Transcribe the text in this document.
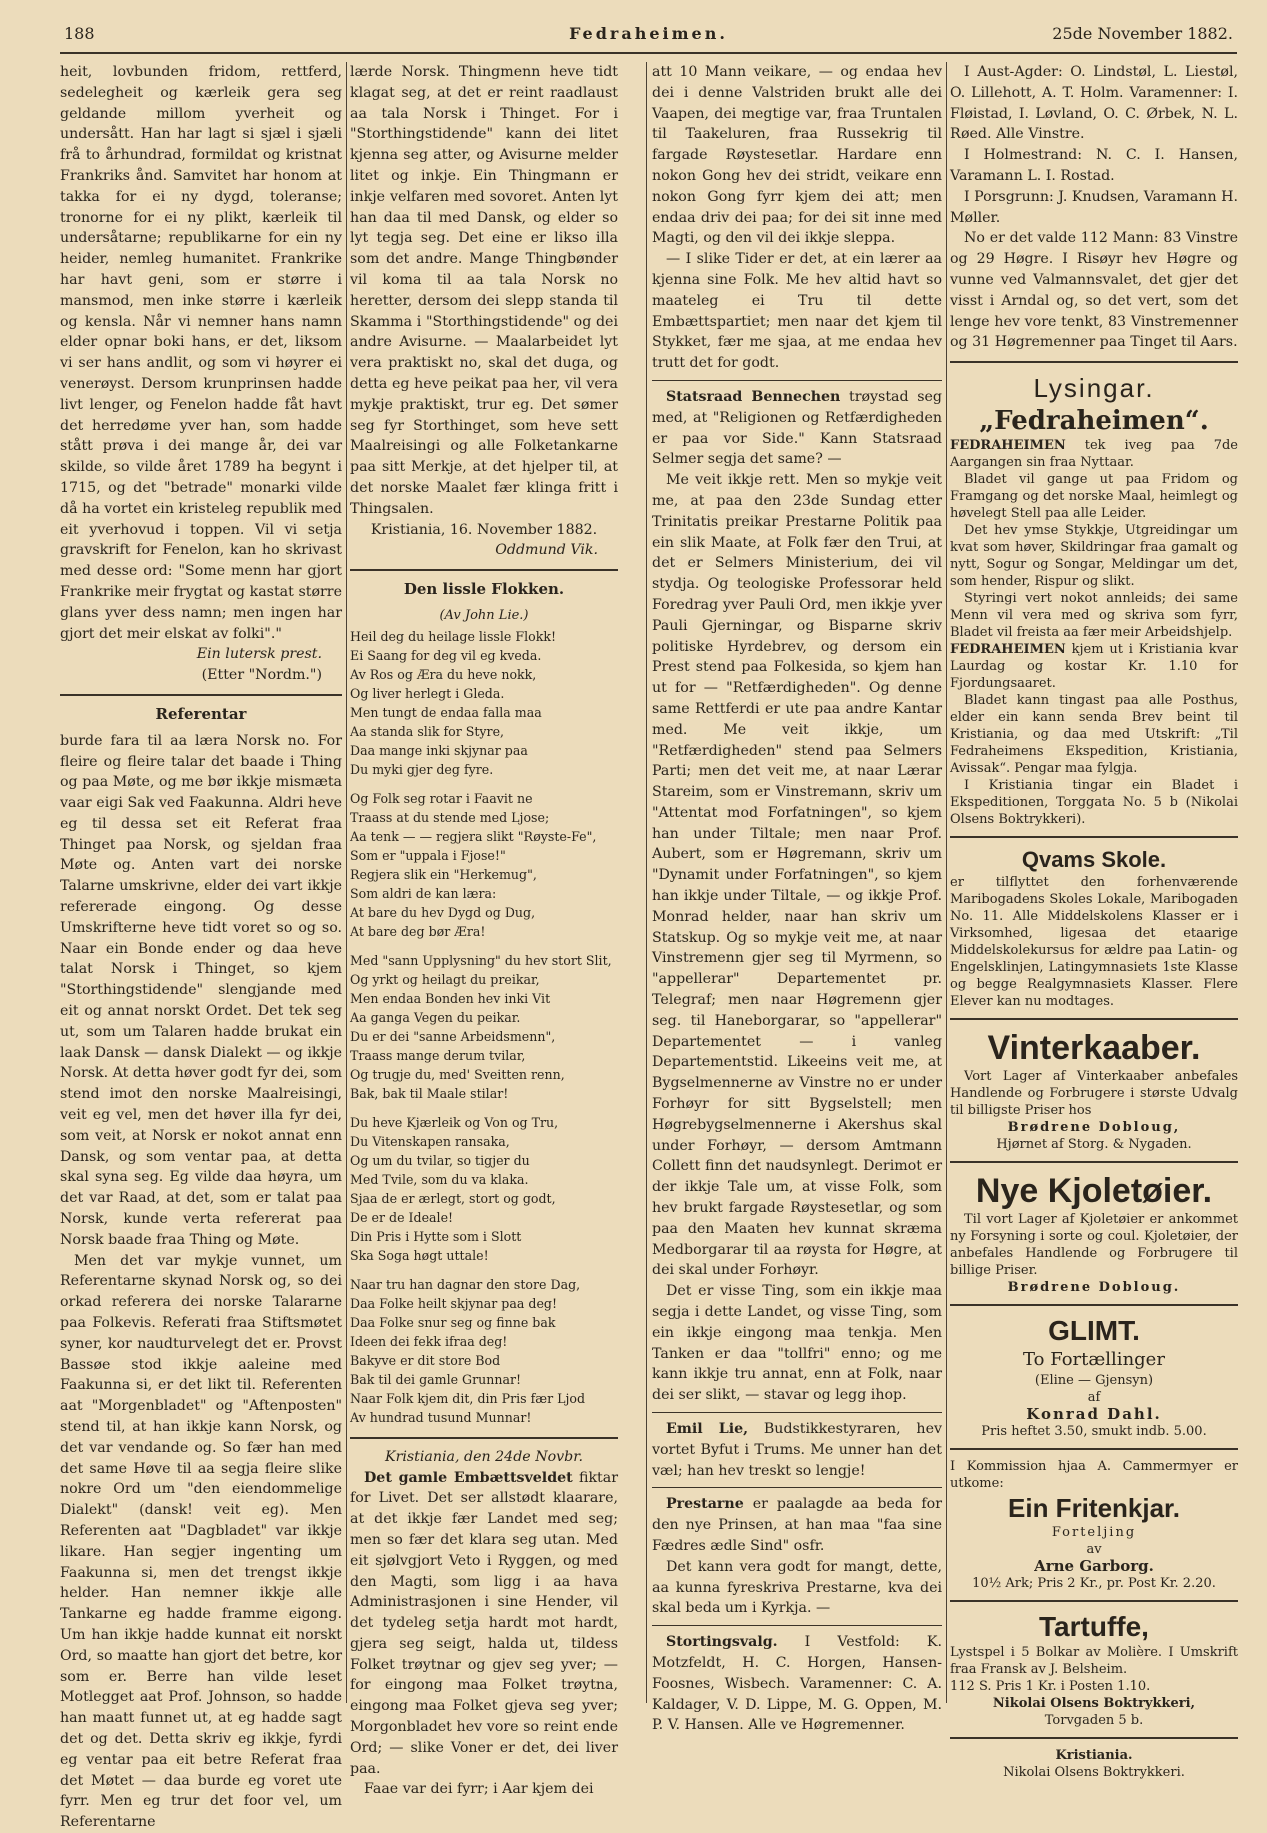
188	Fedraheimen.	25de November 1882.

heit, lovbunden fridom, rettferd, sedelegheit og kærleik gera seg geldande millom yverheit og undersått. Han har lagt si sjæl i sjæli frå to århundrad, formildat og kristnat Frankriks ånd. Samvitet har honom at takka for ei ny dygd, toleranse; tronorne for ei ny plikt, kærleik til undersåtarne; republikarne for ein ny heider, nemleg humanitet. Frankrike har havt geni, som er større i mansmod, men inke større i kærleik og kensla. Når vi nemner hans namn elder opnar boki hans, er det, liksom vi ser hans andlit, og som vi høyrer ei venerøyst. Dersom krunprinsen hadde livt lenger, og Fenelon hadde fåt havt det herredøme yver han, som hadde stått prøva i dei mange år, dei var skilde, so vilde året 1789 ha begynt i 1715, og det "betrade" monarki vilde då ha vortet ein kristeleg republik med eit yverhovud i toppen. Vil vi setja gravskrift for Fenelon, kan ho skrivast med desse ord: "Some menn har gjort Frankrike meir frygtat og kastat større glans yver dess namn; men ingen har gjort det meir elskat av folki"."

Ein lutersk prest.
(Etter "Nordm.")
Referentar

burde fara til aa læra Norsk no. For fleire og fleire talar det baade i Thing og paa Møte, og me bør ikkje mismæta vaar eigi Sak ved Faakunna. Aldri heve eg til dessa set eit Referat fraa Thinget paa Norsk, og sjeldan fraa Møte og. Anten vart dei norske Talarne umskrivne, elder dei vart ikkje refererade eingong. Og desse Umskrifterne heve tidt voret so og so. Naar ein Bonde ender og daa heve talat Norsk i Thinget, so kjem "Storthingstidende" slengjande med eit og annat norskt Ordet. Det tek seg ut, som um Talaren hadde brukat ein laak Dansk — dansk Dialekt — og ikkje Norsk. At detta høver godt fyr dei, som stend imot den norske Maalreisingi, veit eg vel, men det høver illa fyr dei, som veit, at Norsk er nokot annat enn Dansk, og som ventar paa, at detta skal syna seg. Eg vilde daa høyra, um det var Raad, at det, som er talat paa Norsk, kunde verta refererat paa Norsk baade fraa Thing og Møte.

Men det var mykje vunnet, um Referentarne skynad Norsk og, so dei orkad referera dei norske Talararne paa Folkevis. Referati fraa Stiftsmøtet syner, kor naudturvelegt det er. Provst Bassøe stod ikkje aaleine med Faakunna si, er det likt til. Referenten aat "Morgenbladet" og "Aftenposten" stend til, at han ikkje kann Norsk, og det var vendande og. So fær han med det same Høve til aa segja fleire slike nokre Ord um "den eiendommelige Dialekt" (dansk! veit eg). Men Referenten aat "Dagbladet" var ikkje likare. Han segjer ingenting um Faakunna si, men det trengst ikkje helder. Han nemner ikkje alle Tankarne eg hadde framme eigong. Um han ikkje hadde kunnat eit norskt Ord, so maatte han gjort det betre, kor som er. Berre han vilde leset Motlegget aat Prof. Johnson, so hadde han maatt funnet ut, at eg hadde sagt det og det. Detta skriv eg ikkje, fyrdi eg ventar paa eit betre Referat fraa det Møtet — daa burde eg voret ute fyrr. Men eg trur det foor vel, um Referentarne

lærde Norsk. Thingmenn heve tidt klagat seg, at det er reint raadlaust aa tala Norsk i Thinget. For i "Storthingstidende" kann dei litet kjenna seg atter, og Avisurne melder litet og inkje. Ein Thingmann er inkje velfaren med sovoret. Anten lyt han daa til med Dansk, og elder so lyt tegja seg. Det eine er likso illa som det andre. Mange Thingbønder vil koma til aa tala Norsk no heretter, dersom dei slepp standa til Skamma i "Storthingstidende" og dei andre Avisurne. — Maalarbeidet lyt vera praktiskt no, skal det duga, og detta eg heve peikat paa her, vil vera mykje praktiskt, trur eg. Det sømer seg fyr Storthinget, som heve sett Maalreisingi og alle Folketankarne paa sitt Merkje, at det hjelper til, at det norske Maalet fær klinga fritt i Thingsalen.

Kristiania, 16. November 1882.
Oddmund Vik.
Den lissle Flokken.
(Av John Lie.)
Heil deg du heilage lissle Flokk!
Ei Saang for deg vil eg kveda.
Av Ros og Æra du heve nokk,
Og liver herlegt i Gleda.
Men tungt de endaa falla maa
Aa standa slik for Styre,
Daa mange inki skjynar paa
Du myki gjer deg fyre.
Og Folk seg rotar i Faavit ne
Traass at du stende med Ljose;
Aa tenk — — regjera slikt "Røyste-Fe",
Som er "uppala i Fjose!"
Regjera slik ein "Herkemug",
Som aldri de kan læra:
At bare du hev Dygd og Dug,
At bare deg bør Æra!
Med "sann Upplysning" du hev stort Slit,
Og yrkt og heilagt du preikar,
Men endaa Bonden hev inki Vit
Aa ganga Vegen du peikar.
Du er dei "sanne Arbeidsmenn",
Traass mange derum tvilar,
Og trugje du, med' Sveitten renn,
Bak, bak til Maale stilar!
Du heve Kjærleik og Von og Tru,
Du Vitenskapen ransaka,
Og um du tvilar, so tigjer du
Med Tvile, som du va klaka.
Sjaa de er ærlegt, stort og godt,
De er de Ideale!
Din Pris i Hytte som i Slott
Ska Soga høgt uttale!
Naar tru han dagnar den store Dag,
Daa Folke heilt skjynar paa deg!
Daa Folke snur seg og finne bak
Ideen dei fekk ifraa deg!
Bakyve er dit store Bod
Bak til dei gamle Grunnar!
Naar Folk kjem dit, din Pris fær Ljod
Av hundrad tusund Munnar!
Kristiania, den 24de Novbr.

Det gamle Embættsveldet fiktar for Livet. Det ser allstødt klaarare, at det ikkje fær Landet med seg; men so fær det klara seg utan. Med eit sjølvgjort Veto i Ryggen, og med den Magti, som ligg i aa hava Administrasjonen i sine Hender, vil det tydeleg setja hardt mot hardt, gjera seg seigt, halda ut, tildess Folket trøytnar og gjev seg yver; — for eingong maa Folket trøytna, eingong maa Folket gjeva seg yver; Morgonbladet hev vore so reint ende Ord; — slike Voner er det, dei liver paa.

Faae var dei fyrr; i Aar kjem dei

att 10 Mann veikare, — og endaa hev dei i denne Valstriden brukt alle dei Vaapen, dei megtige var, fraa Truntalen til Taakeluren, fraa Russekrig til fargade Røystesetlar. Hardare enn nokon Gong hev dei stridt, veikare enn nokon Gong fyrr kjem dei att; men endaa driv dei paa; for dei sit inne med Magti, og den vil dei ikkje sleppa.

— I slike Tider er det, at ein lærer aa kjenna sine Folk. Me hev altid havt so maateleg ei Tru til dette Embættspartiet; men naar det kjem til Stykket, fær me sjaa, at me endaa hev trutt det for godt.

Statsraad Bennechen trøystad seg med, at "Religionen og Retfærdigheden er paa vor Side." Kann Statsraad Selmer segja det same? —

Me veit ikkje rett. Men so mykje veit me, at paa den 23de Sundag etter Trinitatis preikar Prestarne Politik paa ein slik Maate, at Folk fær den Trui, at det er Selmers Ministerium, dei vil stydja. Og teologiske Professorar held Foredrag yver Pauli Ord, men ikkje yver Pauli Gjerningar, og Bisparne skriv politiske Hyrdebrev, og dersom ein Prest stend paa Folkesida, so kjem han ut for — "Retfærdigheden". Og denne same Rettferdi er ute paa andre Kantar med. Me veit ikkje, um "Retfærdigheden" stend paa Selmers Parti; men det veit me, at naar Lærar Stareim, som er Vinstremann, skriv um "Attentat mod Forfatningen", so kjem han under Tiltale; men naar Prof. Aubert, som er Høgremann, skriv um "Dynamit under Forfatningen", so kjem han ikkje under Tiltale, — og ikkje Prof. Monrad helder, naar han skriv um Statskup. Og so mykje veit me, at naar Vinstremenn gjer seg til Myrmenn, so "appellerar" Departementet pr. Telegraf; men naar Høgremenn gjer seg. til Haneborgarar, so "appellerar" Departementet — i vanleg Departementstid. Likeeins veit me, at Bygselmennerne av Vinstre no er under Forhøyr for sitt Bygselstell; men Høgrebygselmennerne i Akershus skal under Forhøyr, — dersom Amtmann Collett finn det naudsynlegt. Derimot er der ikkje Tale um, at visse Folk, som hev brukt fargade Røystesetlar, og som paa den Maaten hev kunnat skræma Medborgarar til aa røysta for Høgre, at dei skal under Forhøyr.

Det er visse Ting, som ein ikkje maa segja i dette Landet, og visse Ting, som ein ikkje eingong maa tenkja. Men Tanken er daa "tollfri" enno; og me kann ikkje tru annat, enn at Folk, naar dei ser slikt, — stavar og legg ihop.

Emil Lie, Budstikkestyraren, hev vortet Byfut i Trums. Me unner han det væl; han hev treskt so lengje!

Prestarne er paalagde aa beda for den nye Prinsen, at han maa "faa sine Fædres ædle Sind" osfr.

Det kann vera godt for mangt, dette, aa kunna fyreskriva Prestarne, kva dei skal beda um i Kyrkja. —

Stortingsvalg. I Vestfold: K. Motzfeldt, H. C. Horgen, Hansen-Foosnes, Wisbech. Varamenner: C. A. Kaldager, V. D. Lippe, M. G. Oppen, M. P. V. Hansen. Alle ve Høgremenner.

I Aust-Agder: O. Lindstøl, L. Liestøl, O. Lillehott, A. T. Holm. Varamenner: I. Fløistad, I. Løvland, O. C. Ørbek, N. L. Røed. Alle Vinstre.

I Holmestrand: N. C. I. Hansen, Varamann L. I. Rostad.

I Porsgrunn: J. Knudsen, Varamann H. Møller.

No er det valde 112 Mann: 83 Vinstre og 29 Høgre. I Risøyr hev Høgre og vunne ved Valmannsvalet, det gjer det visst i Arndal og, so det vert, som det lenge hev vore tenkt, 83 Vinstremenner og 31 Høgremenner paa Tinget til Aars.

Lysingar.
„Fedraheimen“.

FEDRAHEIMEN tek iveg paa 7de Aargangen sin fraa Nyttaar.

Bladet vil gange ut paa Fridom og Framgang og det norske Maal, heimlegt og høvelegt Stell paa alle Leider.

Det hev ymse Stykkje, Utgreidingar um kvat som høver, Skildringar fraa gamalt og nytt, Sogur og Songar, Meldingar um det, som hender, Rispur og slikt.

Styringi vert nokot annleids; dei same Menn vil vera med og skriva som fyrr, Bladet vil freista aa fær meir Arbeidshjelp.

FEDRAHEIMEN kjem ut i Kristiania kvar Laurdag og kostar Kr. 1.10 for Fjordungsaaret.

Bladet kann tingast paa alle Posthus, elder ein kann senda Brev beint til Kristiania, og daa med Utskrift: „Til Fedraheimens Ekspedition, Kristiania, Avissak“. Pengar maa fylgja.

I Kristiania tingar ein Bladet i Ekspeditionen, Torggata No. 5 b (Nikolai Olsens Boktrykkeri).

Qvams Skole.

er tilflyttet den forhenværende Maribogadens Skoles Lokale, Maribogaden No. 11. Alle Middelskolens Klasser er i Virksomhed, ligesaa det etaarige Middelskolekursus for ældre paa Latin- og Engelsklinjen, Latingymnasiets 1ste Klasse og begge Realgymnasiets Klasser. Flere Elever kan nu modtages.

Vinterkaaber.

Vort Lager af Vinterkaaber anbefales Handlende og Forbrugere i største Udvalg til billigste Priser hos

Brødrene Dobloug,
Hjørnet af Storg. & Nygaden.
Nye Kjoletøier.

Til vort Lager af Kjoletøier er ankommet ny Forsyning i sorte og coul. Kjoletøier, der anbefales Handlende og Forbrugere til billige Priser.

Brødrene Dobloug.
GLIMT.
To Fortællinger
(Eline — Gjensyn)
af
Konrad Dahl.
Pris heftet 3.50, smukt indb. 5.00.

I Kommission hjaa A. Cammermyer er utkome:

Ein Fritenkjar.
Forteljing
av
Arne Garborg.
10½ Ark; Pris 2 Kr., pr. Post Kr. 2.20.
Tartuffe,

Lystspel i 5 Bolkar av Molière. I Umskrift fraa Fransk av J. Belsheim.

112 S. Pris 1 Kr. i Posten 1.10.

Nikolai Olsens Boktrykkeri,
Torvgaden 5 b.
Kristiania.
Nikolai Olsens Boktrykkeri.
